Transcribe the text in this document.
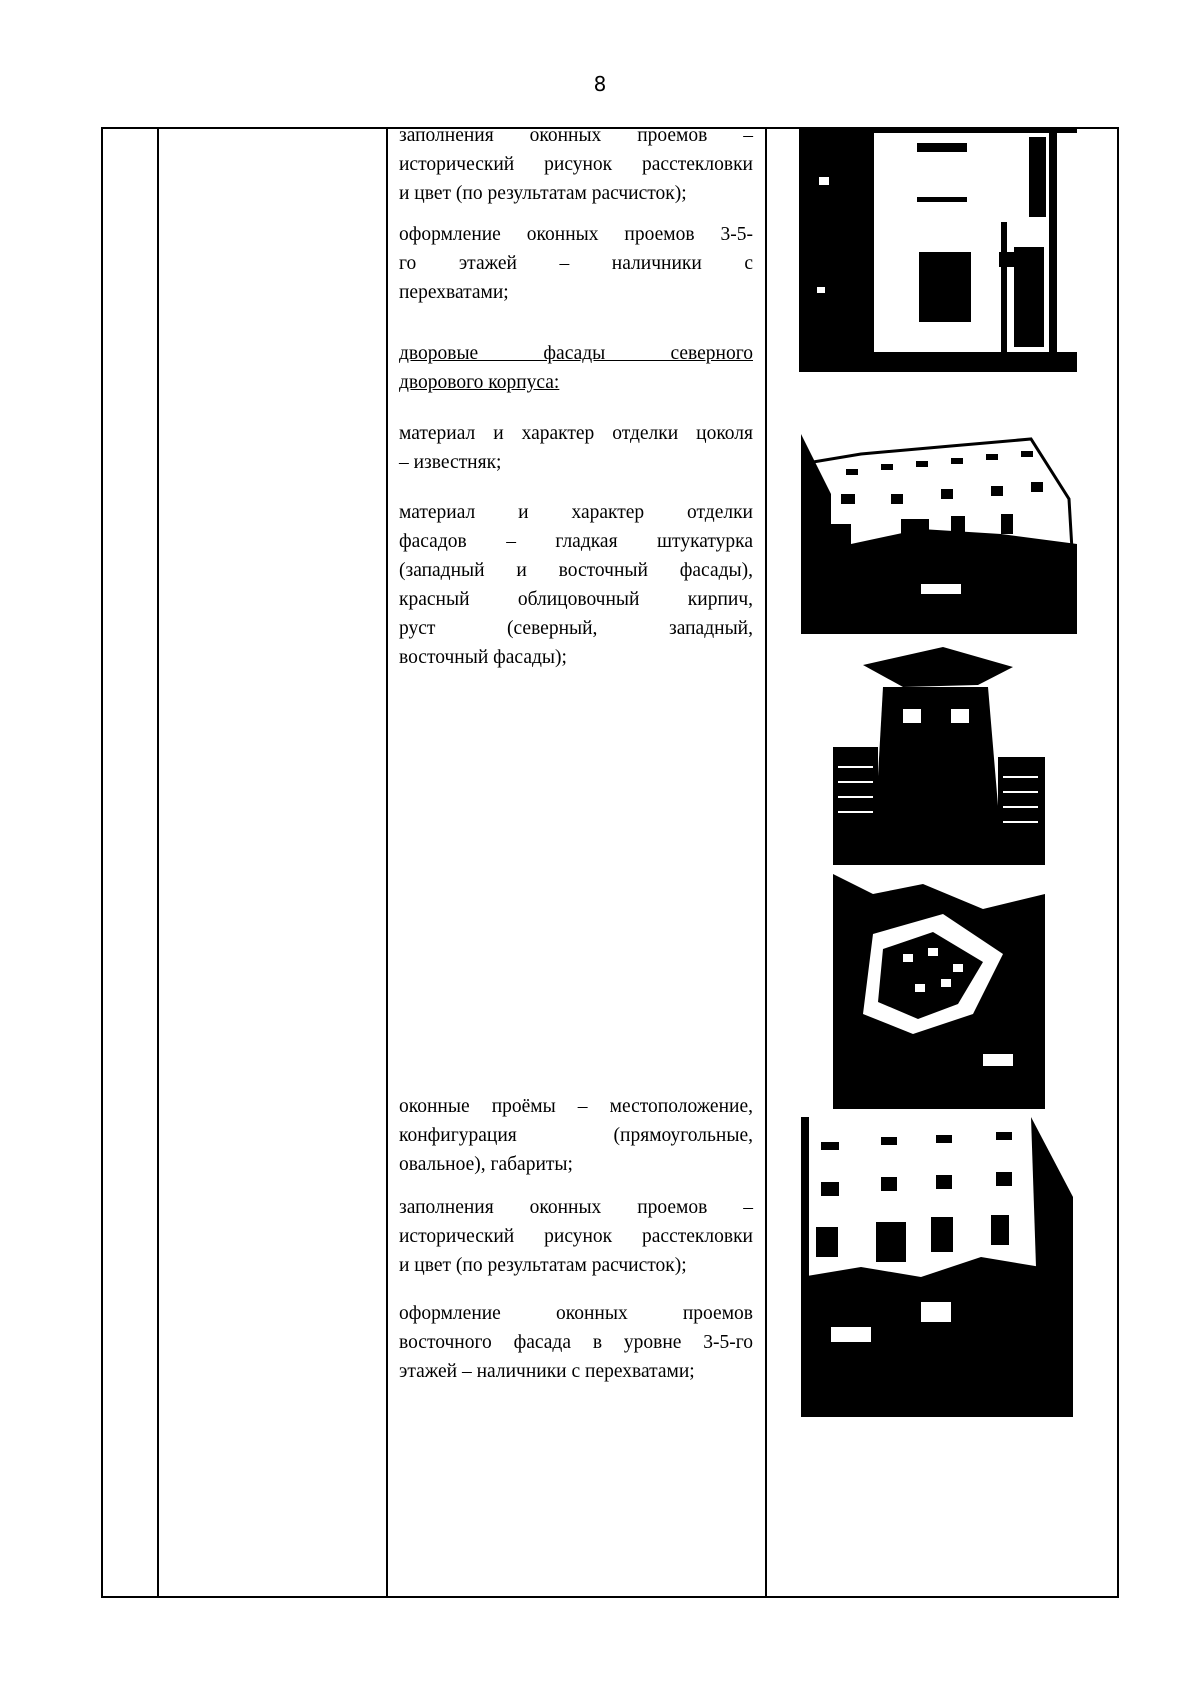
8
заполнения оконных проемов –
исторический рисунок расстекловки
и цвет (по результатам расчисток);
оформление оконных проемов 3-5-
го этажей – наличники с
перехватами;
дворовые фасады северного
дворового корпуса:
материал и характер отделки цоколя
– известняк;
материал и характер отделки
фасадов – гладкая штукатурка
(западный и восточный фасады),
красный облицовочный кирпич,
руст (северный, западный,
восточный фасады);
оконные проёмы – местоположение,
конфигурация (прямоугольные,
овальное), габариты;
заполнения оконных проемов –
исторический рисунок расстекловки
и цвет (по результатам расчисток);
оформление оконных проемов
восточного фасада в уровне 3-5-го
этажей – наличники с перехватами;
